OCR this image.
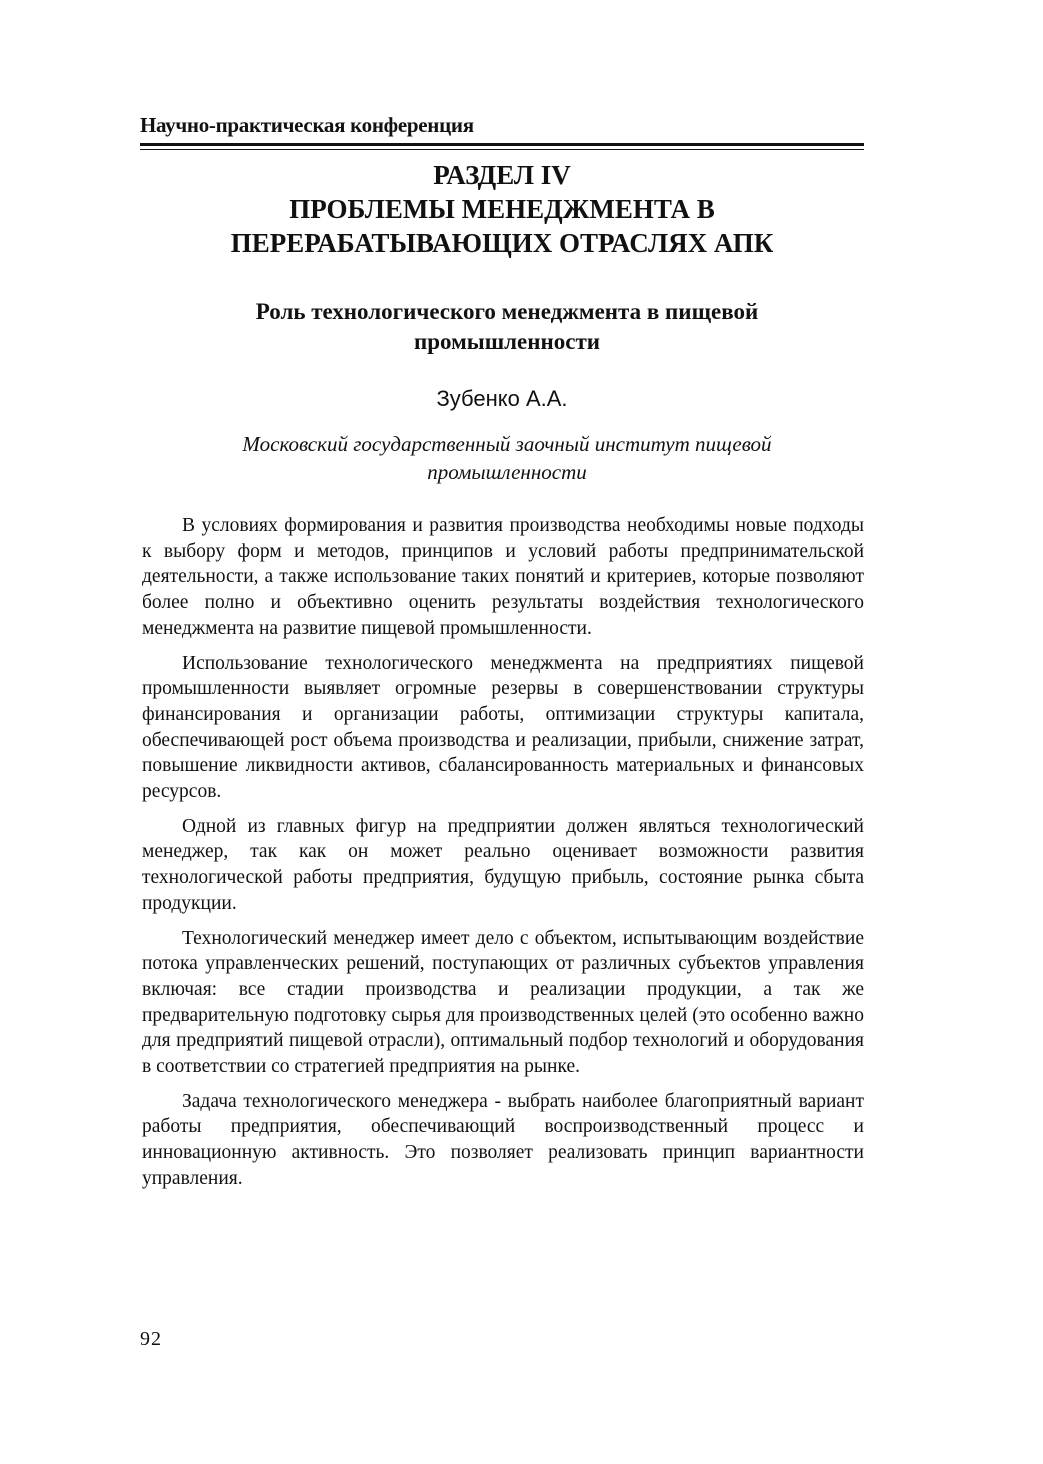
Научно-практическая конференция
РАЗДЕЛ IV
ПРОБЛЕМЫ МЕНЕДЖМЕНТА В
ПЕРЕРАБАТЫВАЮЩИХ ОТРАСЛЯХ АПК
Роль технологического менеджмента в пищевой
промышленности
Зубенко А.А.
Московский государственный заочный институт пищевой
промышленности

В условиях формирования и развития производства необходимы новые подходы к выбору форм и методов, принципов и условий работы предпринимательской деятельности, а также использование таких понятий и критериев, которые позволяют более полно и объективно оценить результаты воздействия технологического менеджмента на развитие пищевой промышленности.

Использование технологического менеджмента на предприятиях пищевой промышленности выявляет огромные резервы в совершенствовании структуры финансирования и организации работы, оптимизации структуры капитала, обеспечивающей рост объема производства и реализации, прибыли, снижение затрат, повышение ликвидности активов, сбалансированность материальных и финансовых ресурсов.

Одной из главных фигур на предприятии должен являться технологический менеджер, так как он может реально оценивает возможности развития технологической работы предприятия, будущую прибыль, состояние рынка сбыта продукции.

Технологический менеджер имеет дело с объектом, испытывающим воздействие потока управленческих решений, поступающих от различных субъектов управления включая: все стадии производства и реализации продукции, а так же предварительную подготовку сырья для производственных целей (это особенно важно для предприятий пищевой отрасли), оптимальный подбор технологий и оборудования в соответствии со стратегией предприятия на рынке.

Задача технологического менеджера - выбрать наиболее благоприятный вариант работы предприятия, обеспечивающий воспроизводственный процесс и инновационную активность. Это позволяет реализовать принцип вариантности управления.

92
